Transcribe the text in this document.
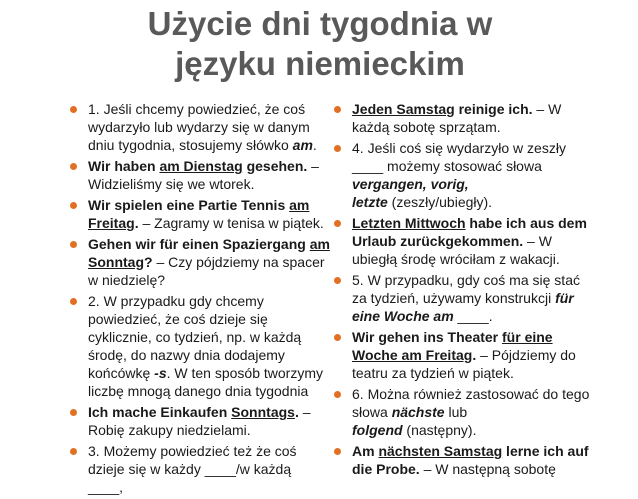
Użycie dni tygodnia w
języku niemieckim
1. Jeśli chcemy powiedzieć, że coś wydarzyło lub wydarzy się w danym dniu tygodnia, stosujemy słówko am.
Wir haben am Dienstag gesehen. – Widzieliśmy się we wtorek.
Wir spielen eine Partie Tennis am Freitag. – Zagramy w tenisa w piątek.
Gehen wir für einen Spaziergang am Sonntag? – Czy pójdziemy na spacer w niedzielę?
2. W przypadku gdy chcemy powiedzieć, że coś dzieje się cyklicznie, co tydzień, np. w każdą środę, do nazwy dnia dodajemy końcówkę -s. W ten sposób tworzymy liczbę mnogą danego dnia tygodnia
Ich mache Einkaufen Sonntags. – Robię zakupy niedzielami.
3. Możemy powiedzieć też że coś dzieje się w każdy ____/w każdą ____,
Jeden Samstag reinige ich. – W każdą sobotę sprzątam.
4. Jeśli coś się wydarzyło w zeszły ____ możemy stosować słowa vergangen, vorig,
letzte (zeszły/ubiegły).
Letzten Mittwoch habe ich aus dem Urlaub zurückgekommen. – W ubiegłą środę wróciłam z wakacji.
5. W przypadku, gdy coś ma się stać za tydzień, używamy konstrukcji für eine Woche am ____.
Wir gehen ins Theater für eine Woche am Freitag. – Pójdziemy do teatru za tydzień w piątek.
6. Można również zastosować do tego słowa nächste lub
folgend (następny).
Am nächsten Samstag lerne ich auf die Probe. – W następną sobotę
